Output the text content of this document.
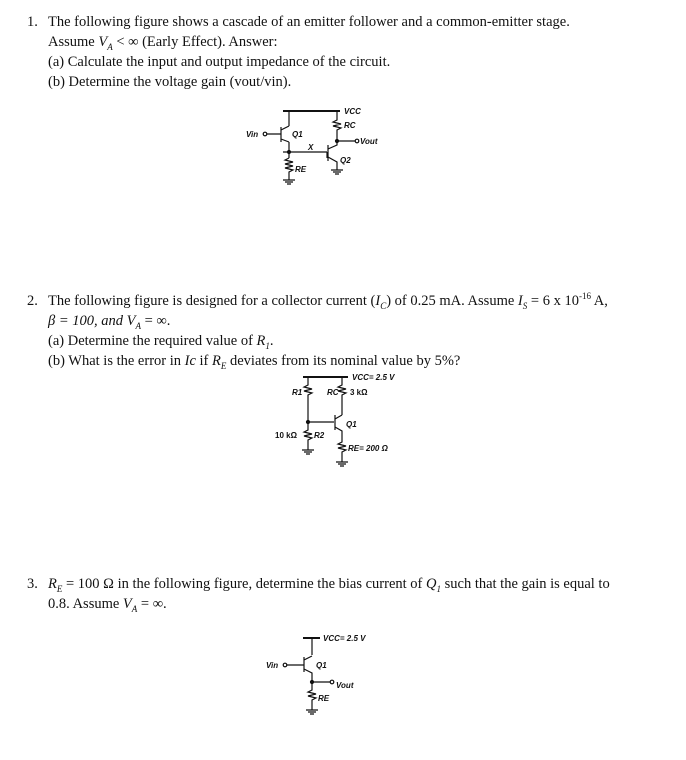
1. The following figure shows a cascade of an emitter follower and a common-emitter stage.
Assume $V_A$ < ∞ (Early Effect). Answer:
(a) Calculate the input and output impedance of the circuit.
(b) Determine the voltage gain (vout/vin).
VCC
RC
Vout
Vin	Q1
X
Q2
RE
VCC= 2.5 V
R1	RC 3 kΩ
Q1
10 kΩ R2
RE= 200 Ω
VCC= 2.5 V
Vin	Q1
Vout
RE
2. The following figure is designed for a collector current $(I_C)$ of 0.25 mA. Assume $I_S = 6$ x $10^{-16}$ A,
β = 100, and $V_A$ = ∞.
(a) Determine the required value of $R_1$.
(b) What is the error in Ic if $R_E$ deviates from its nominal value by 5%?
3. $R_E = 100$ Ω in the following figure, determine the bias current of $Q_1$ such that the gain is equal to
0.8. Assume $V_A$ = ∞.
